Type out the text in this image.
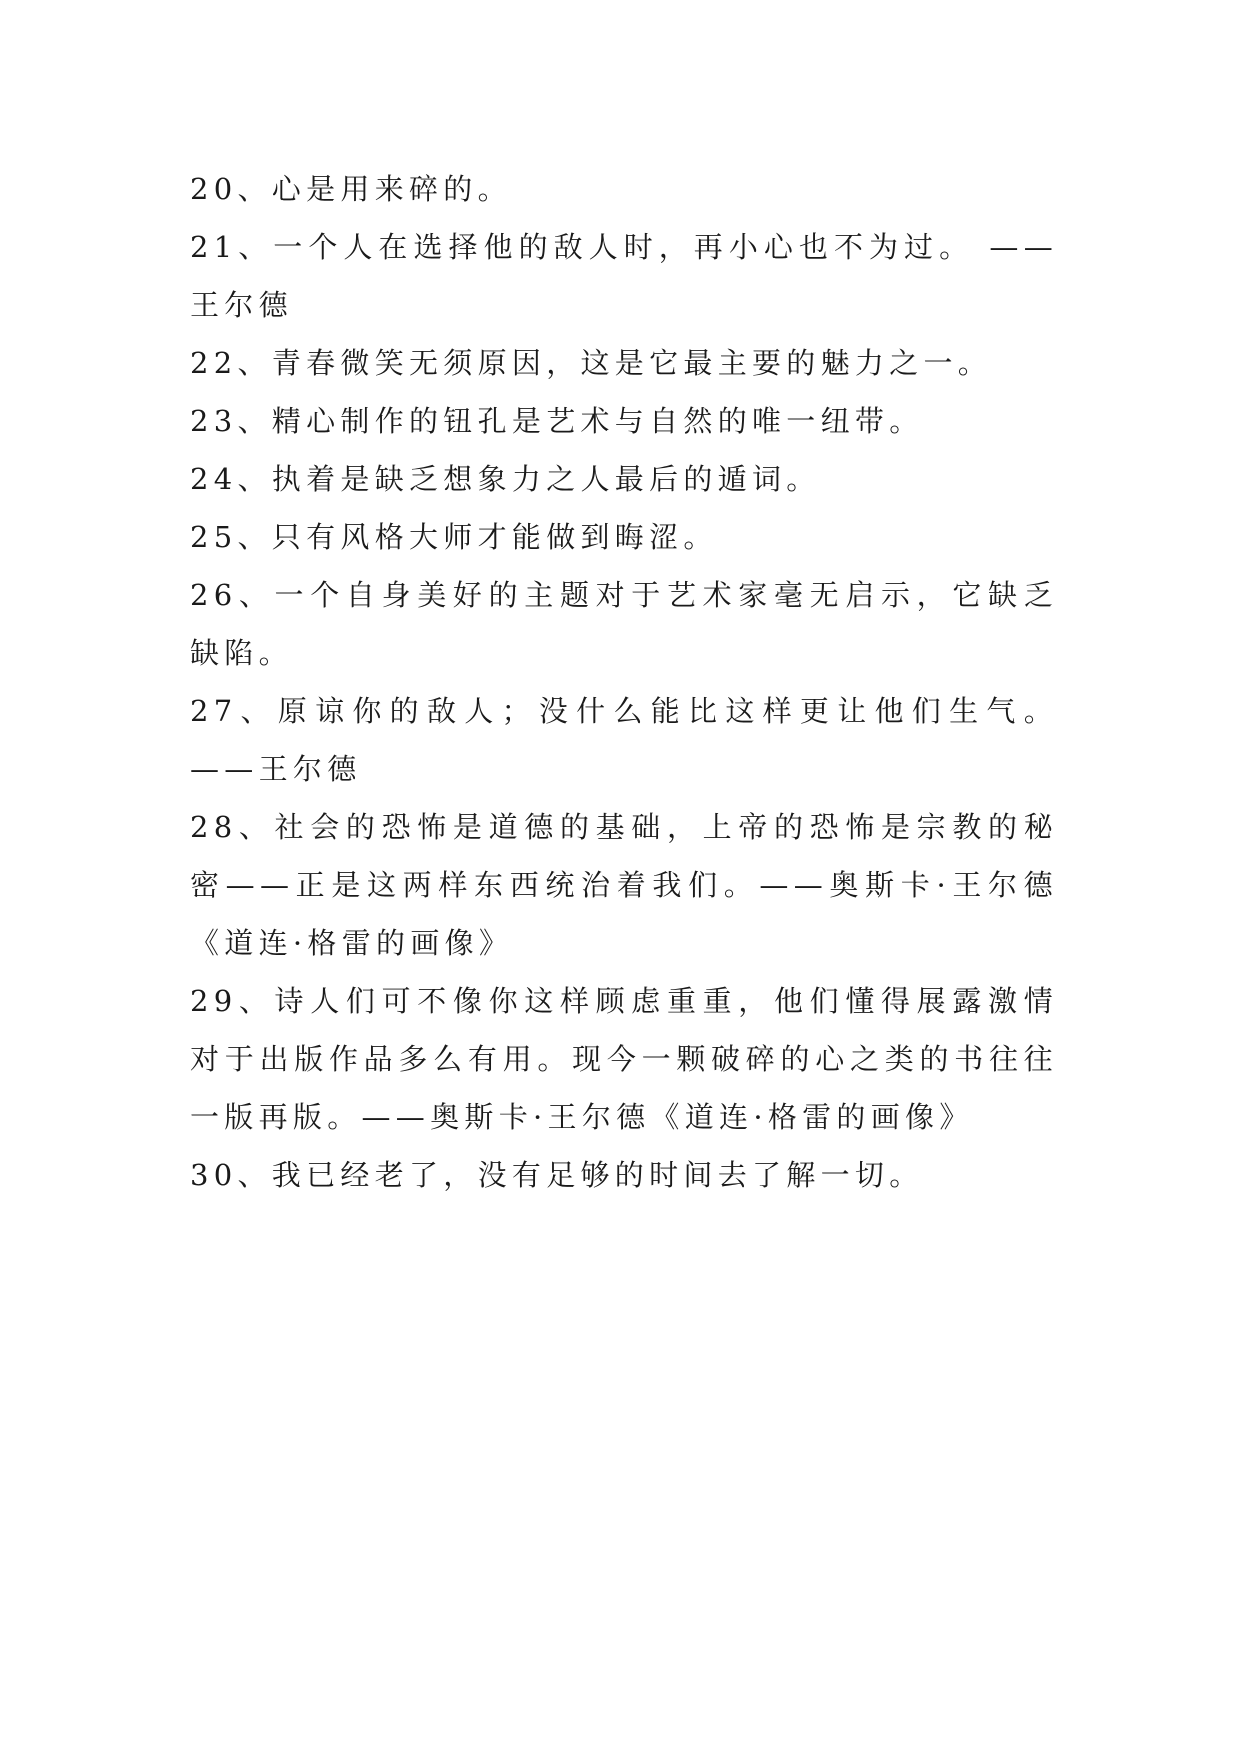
20、心是用来碎的。

21、一个人在选择他的敌人时，再小心也不为过。 ——王尔德

22、青春微笑无须原因，这是它最主要的魅力之一。

23、精心制作的钮孔是艺术与自然的唯一纽带。

24、执着是缺乏想象力之人最后的遁词。

25、只有风格大师才能做到晦涩。

26、一个自身美好的主题对于艺术家毫无启示，它缺乏缺陷。

27、原谅你的敌人；没什么能比这样更让他们生气。 ——王尔德

28、社会的恐怖是道德的基础，上帝的恐怖是宗教的秘密——正是这两样东西统治着我们。——奥斯卡·王尔德《道连·格雷的画像》

29、诗人们可不像你这样顾虑重重，他们懂得展露激情对于出版作品多么有用。现今一颗破碎的心之类的书往往一版再版。——奥斯卡·王尔德《道连·格雷的画像》

30、我已经老了，没有足够的时间去了解一切。
